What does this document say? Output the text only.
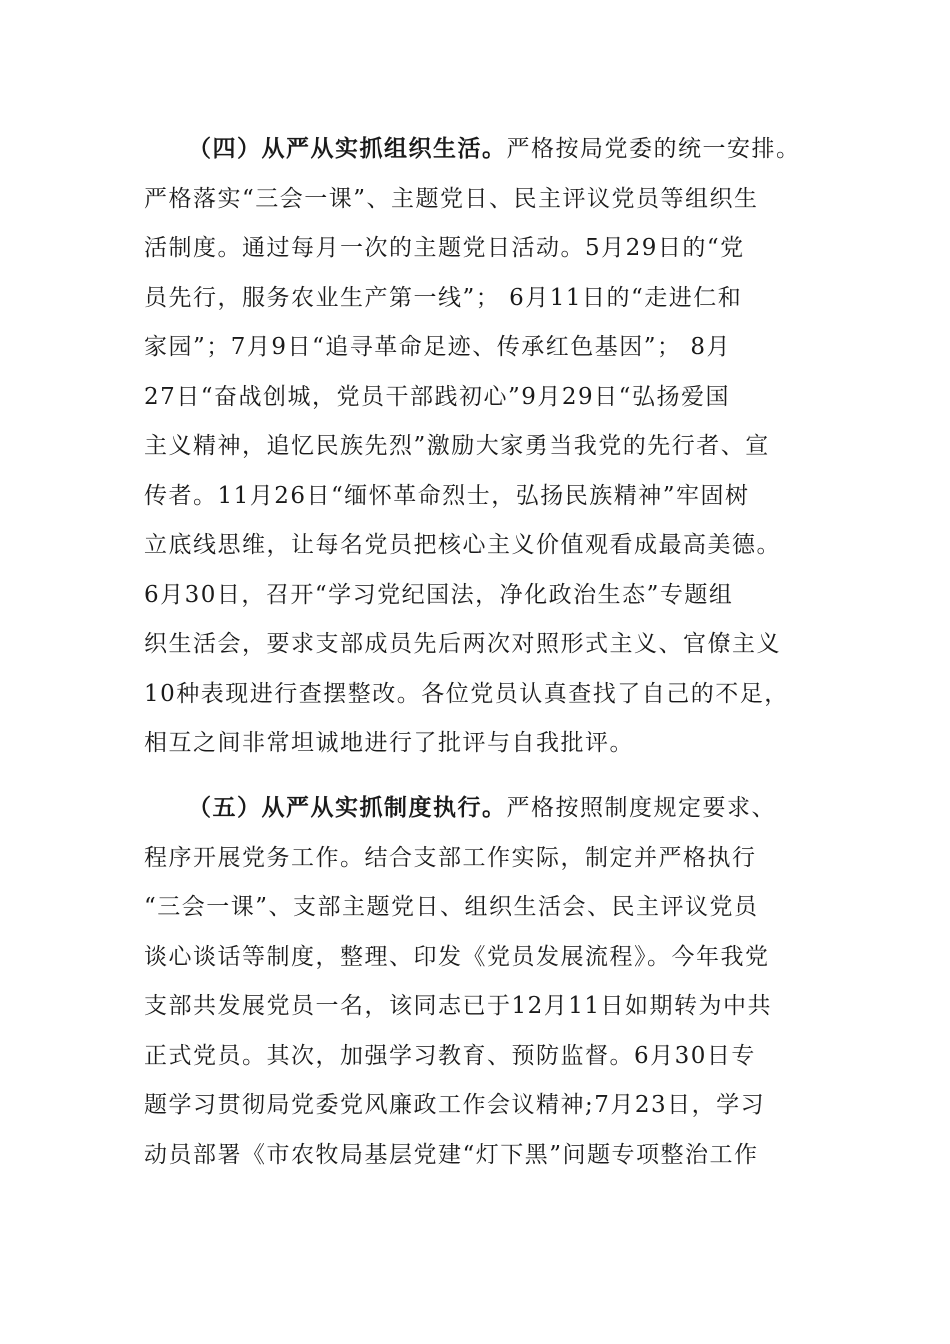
（四）从严从实抓组织生活。严格按局党委的统一安排。
严格落实“三会一课”、主题党日、民主评议党员等组织生
活制度。通过每月一次的主题党日活动。5月29日的“党
员先行，服务农业生产第一线”； 6月11日的“走进仁和
家园”；7月9日“追寻革命足迹、传承红色基因”； 8月
27日“奋战创城，党员干部践初心”9月29日“弘扬爱国
主义精神，追忆民族先烈”激励大家勇当我党的先行者、宣
传者。11月26日“缅怀革命烈士，弘扬民族精神”牢固树
立底线思维，让每名党员把核心主义价值观看成最高美德。
6月30日，召开“学习党纪国法，净化政治生态”专题组
织生活会，要求支部成员先后两次对照形式主义、官僚主义
10种表现进行查摆整改。各位党员认真查找了自己的不足，
相互之间非常坦诚地进行了批评与自我批评。
（五）从严从实抓制度执行。严格按照制度规定要求、
程序开展党务工作。结合支部工作实际，制定并严格执行
“三会一课”、支部主题党日、组织生活会、民主评议党员
谈心谈话等制度，整理、印发《党员发展流程》。今年我党
支部共发展党员一名，该同志已于12月11日如期转为中共
正式党员。其次，加强学习教育、预防监督。6月30日专
题学习贯彻局党委党风廉政工作会议精神;7月23日，学习
动员部署《市农牧局基层党建“灯下黑”问题专项整治工作
